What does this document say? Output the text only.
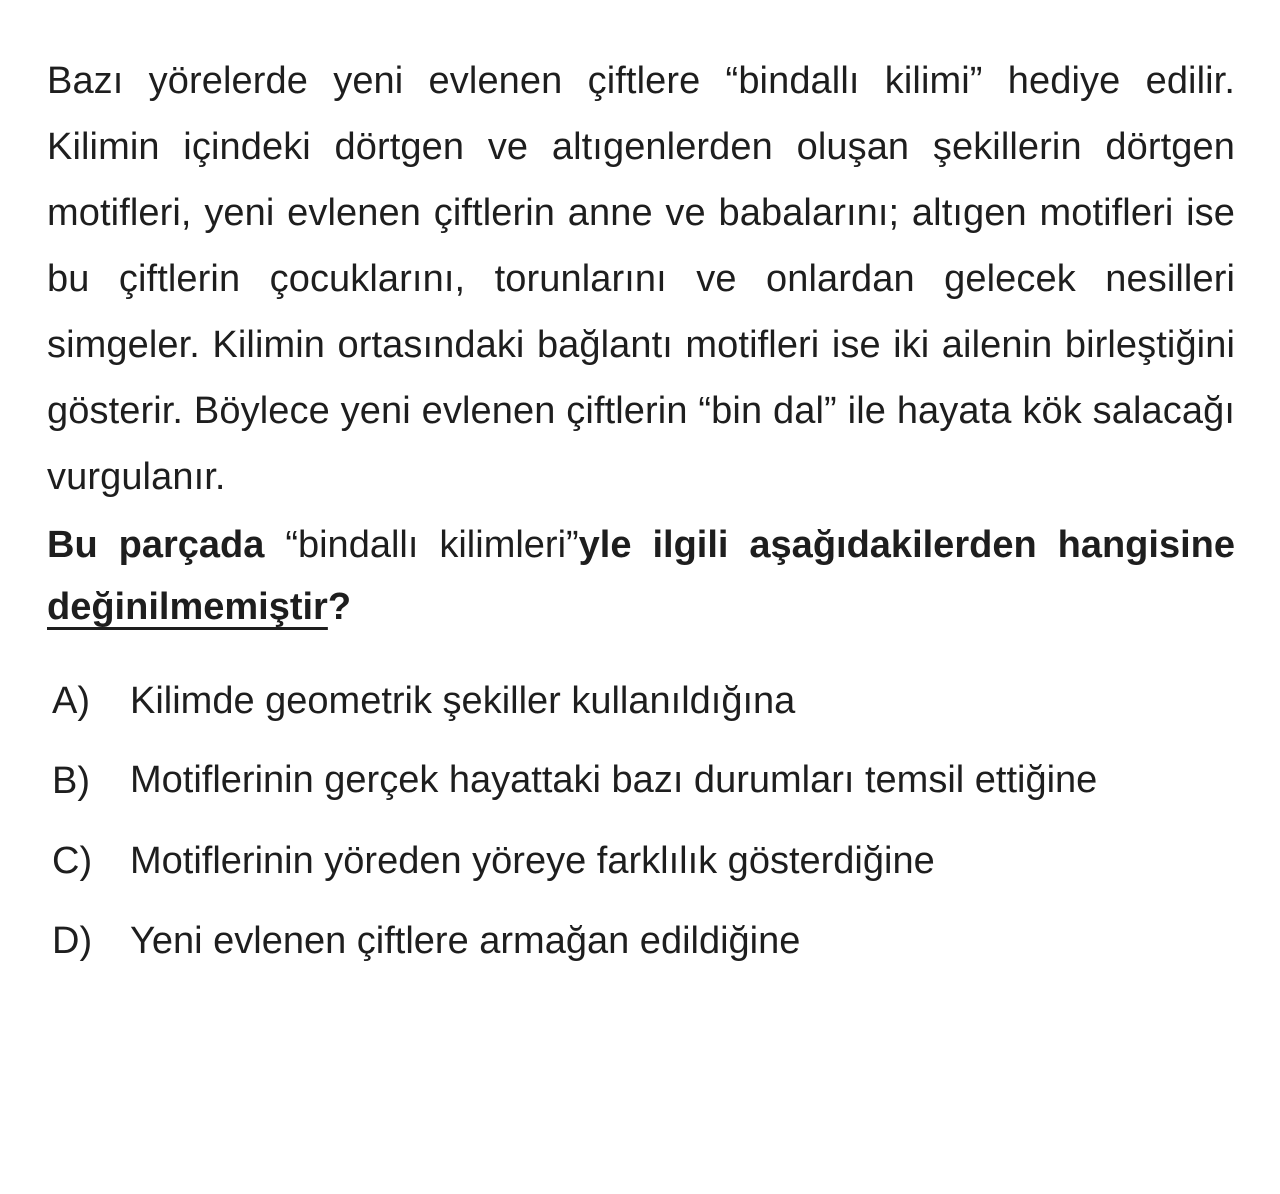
Bazı yörelerde yeni evlenen çiftlere “bindallı kilimi” hediye edilir. Kilimin içindeki dörtgen ve altıgenlerden oluşan şekillerin dörtgen motifleri, yeni evlenen çiftlerin anne ve babalarını; altıgen motifleri ise bu çiftlerin çocuklarını, torunlarını ve onlardan gelecek nesilleri simgeler. Kilimin ortasındaki bağlantı motifleri ise iki ailenin birleştiğini gösterir. Böylece yeni evlenen çiftlerin “bin dal” ile hayata kök salacağı vurgulanır.

Bu parçada “bindallı kilimleri”yle ilgili aşağıdakilerden hangisine değinilmemiştir?

A)	Kilimde geometrik şekiller kullanıldığına
B)	Motiflerinin gerçek hayattaki bazı durumları temsil ettiğine
C) Motiflerinin yöreden yöreye farklılık gösterdiğine
D) Yeni evlenen çiftlere armağan edildiğine
